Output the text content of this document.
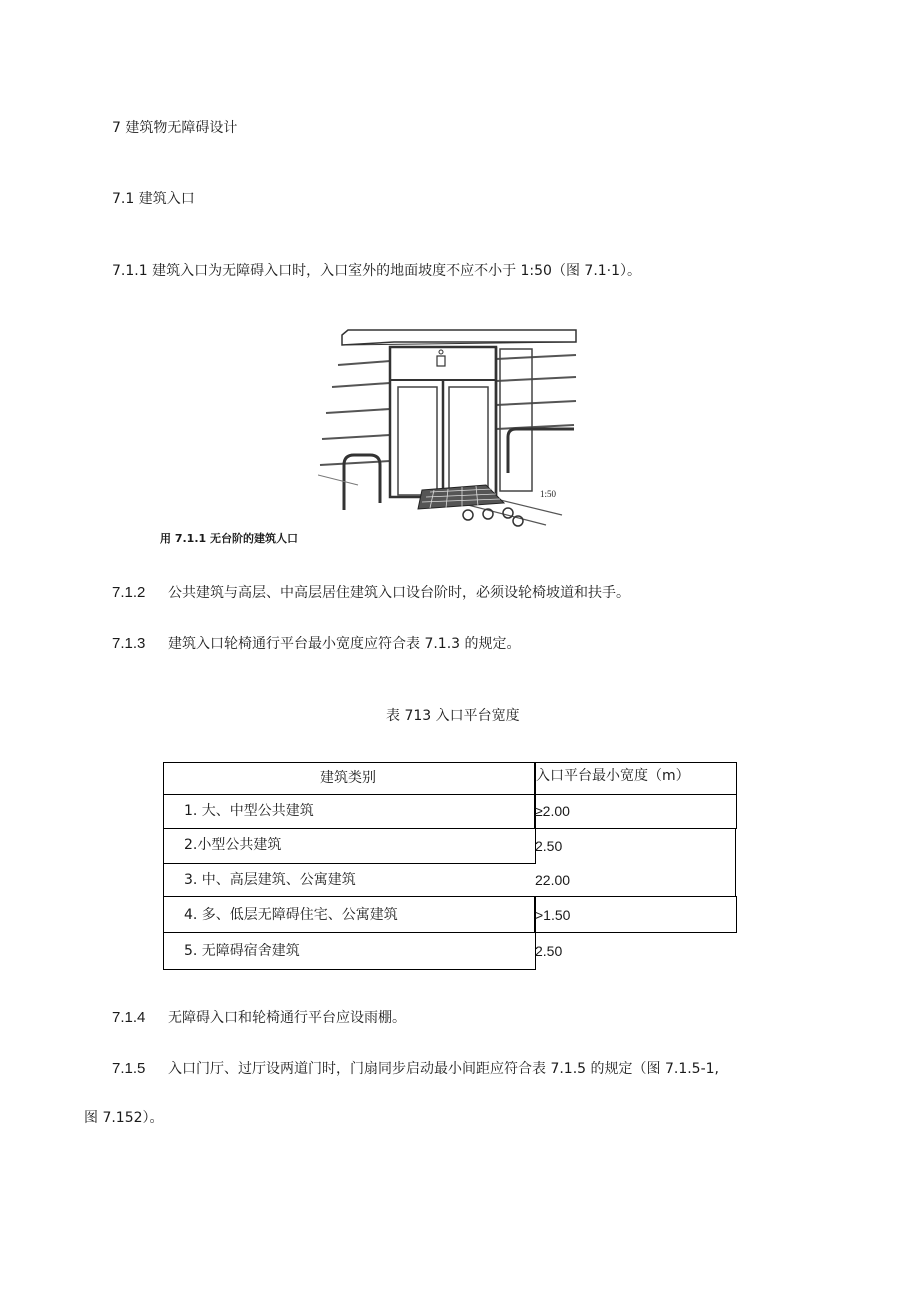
7 建筑物无障碍设计
7.1 建筑入口
7.1.1 建筑入口为无障碍入口时，入口室外的地面坡度不应不小于 1:50（图 7.1·1）。
1:50
用 7.1.1 无台阶的建筑人口
7.1.2 公共建筑与高层、中高层居住建筑入口设台阶时，必须设轮椅坡道和扶手。
7.1.3 建筑入口轮椅通行平台最小宽度应符合表 7.1.3 的规定。
表 713 入口平台宽度
建筑类别	入口平台最小宽度（m）
1. 大、中型公共建筑	≥2.00
2.小型公共建筑	2.50
3. 中、高层建筑、公寓建筑	22.00
4. 多、低层无障碍住宅、公寓建筑	>1.50
5. 无障碍宿舍建筑	2.50
7.1.4 无障碍入口和轮椅通行平台应设雨棚。
7.1.5 入口门厅、过厅设两道门时，门扇同步启动最小间距应符合表 7.1.5 的规定（图 7.1.5-1,
图 7.152）。
